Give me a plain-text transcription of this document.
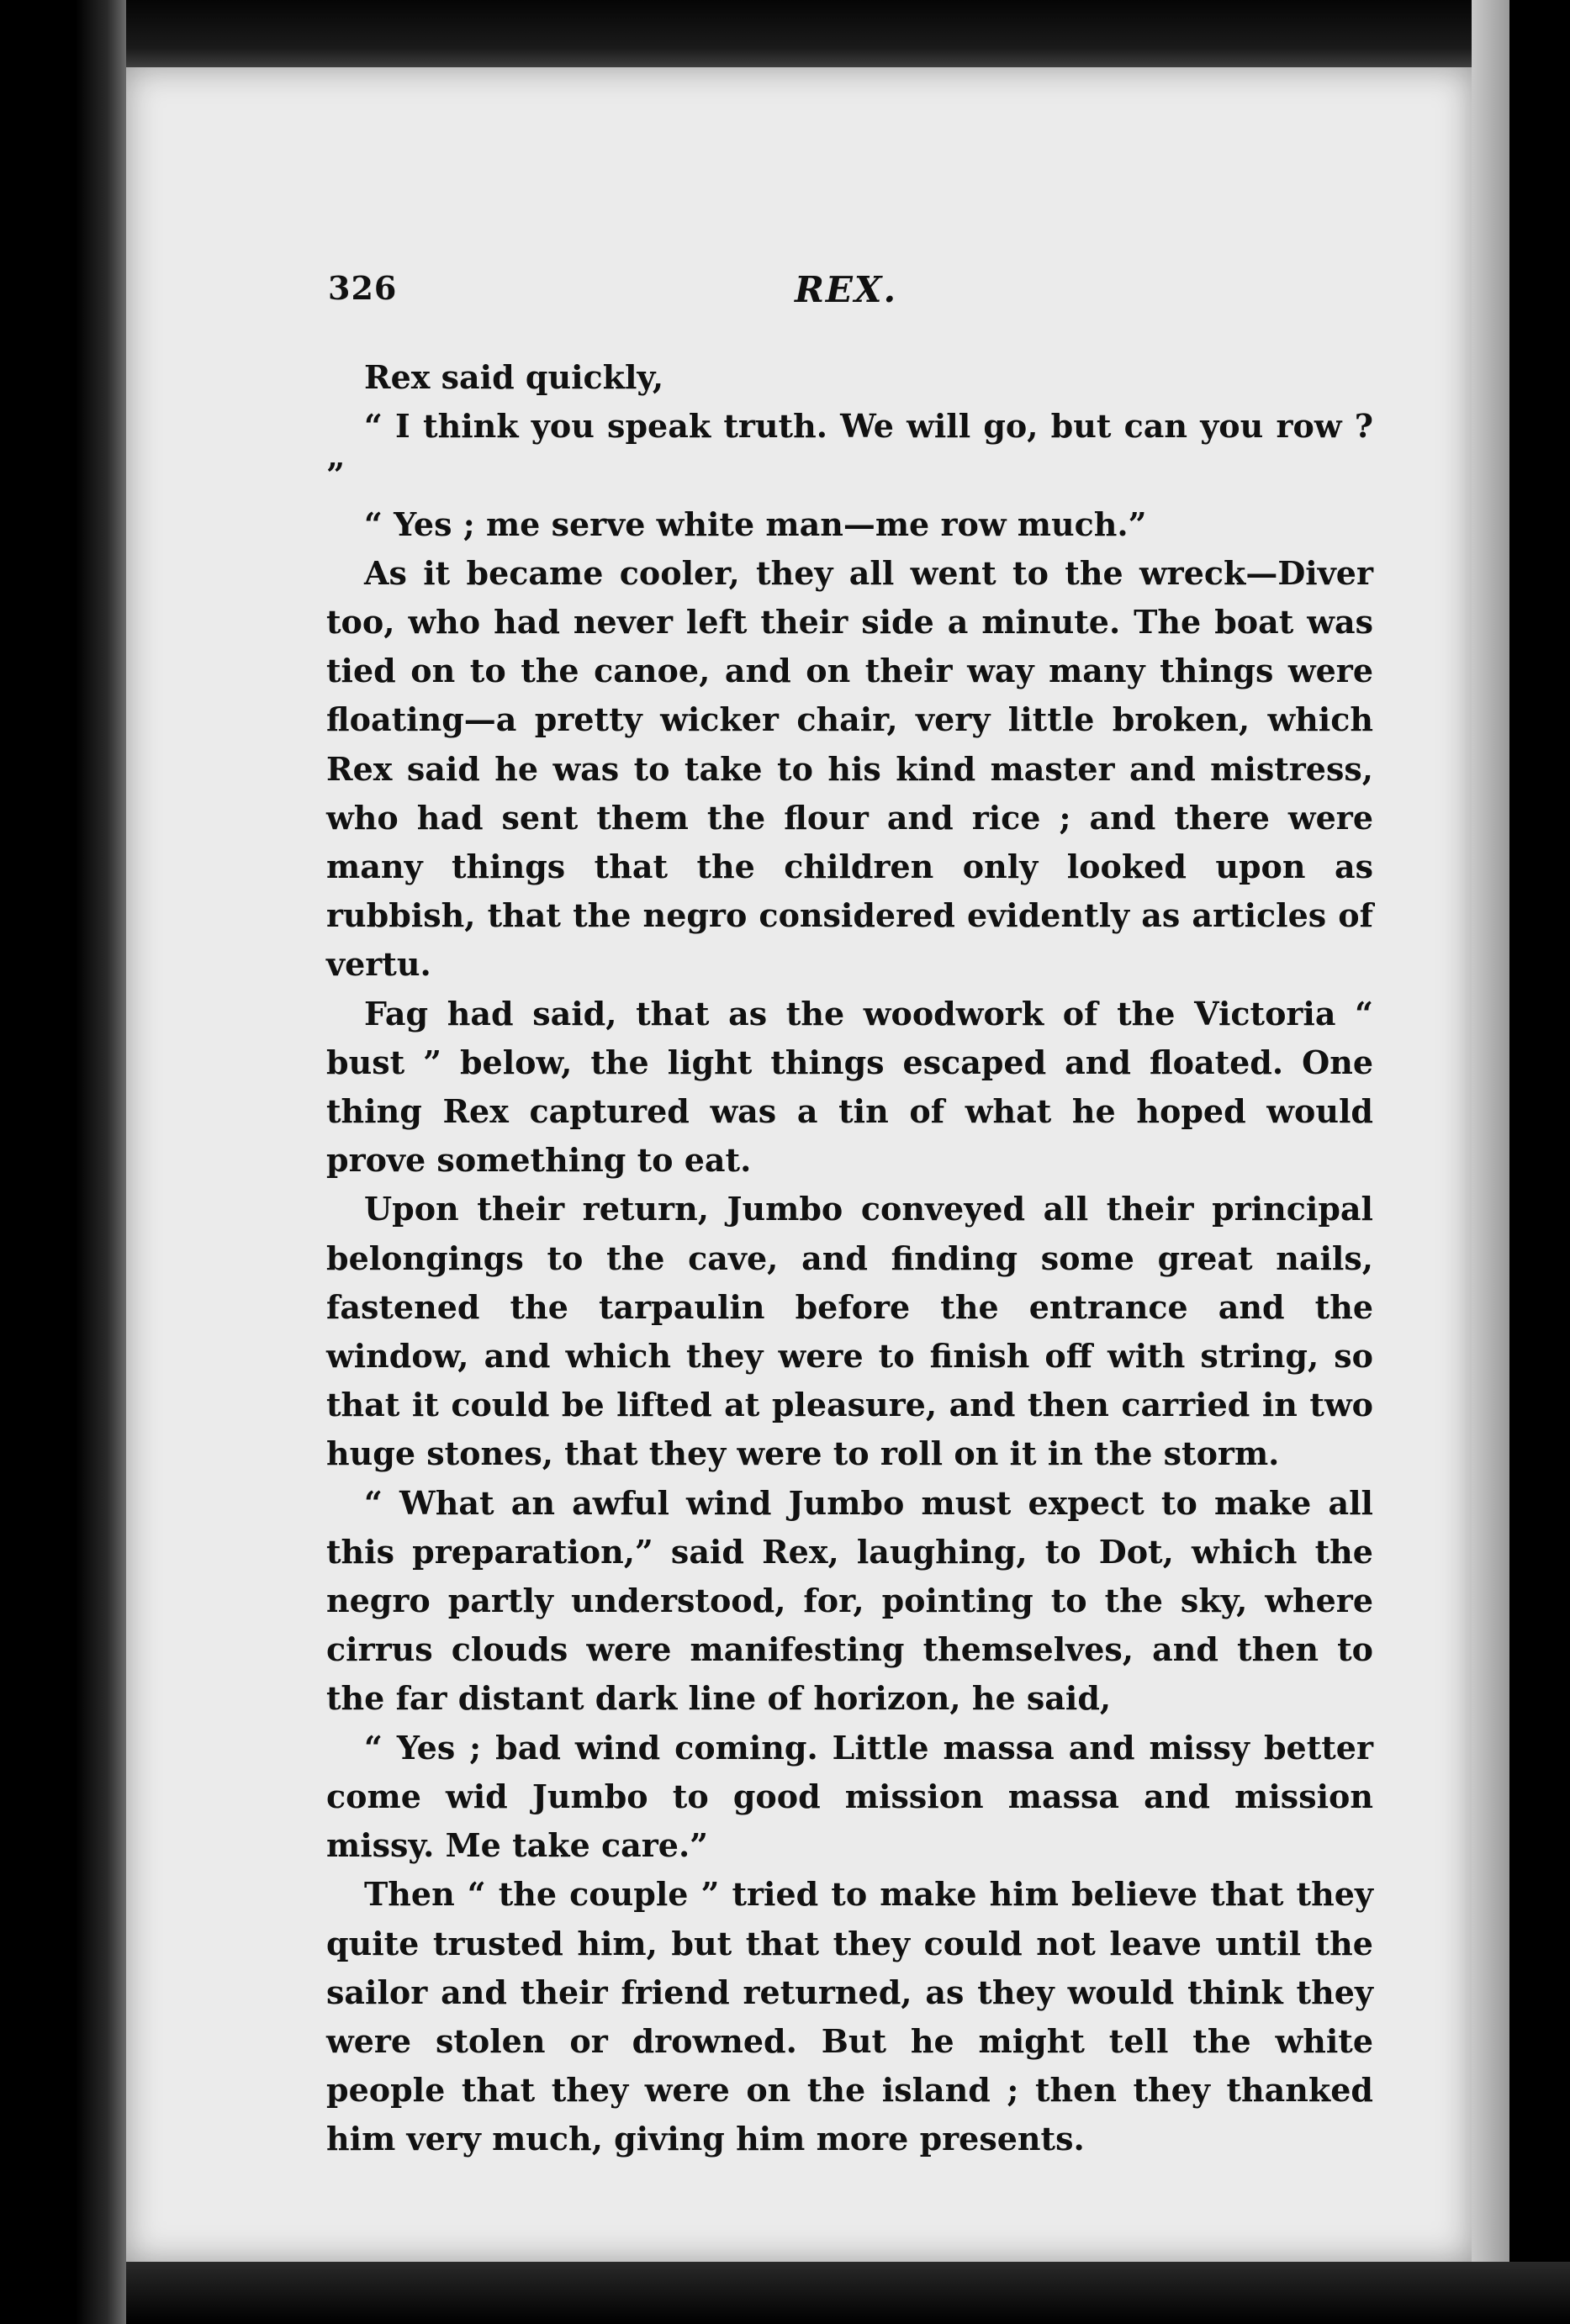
326	REX.

Rex said quickly,

“ I think you speak truth. We will go, but can you row ? ”

“ Yes ; me serve white man—me row much.”

As it became cooler, they all went to the wreck—Diver too, who had never left their side a minute. The boat was tied on to the canoe, and on their way many things were floating—a pretty wicker chair, very little broken, which Rex said he was to take to his kind master and mistress, who had sent them the flour and rice ; and there were many things that the children only looked upon as rubbish, that the negro considered evidently as articles of vertu.

Fag had said, that as the woodwork of the Victoria “ bust ” below, the light things escaped and floated. One thing Rex captured was a tin of what he hoped would prove something to eat.

Upon their return, Jumbo conveyed all their principal belongings to the cave, and finding some great nails, fastened the tarpaulin before the entrance and the window, and which they were to finish off with string, so that it could be lifted at pleasure, and then carried in two huge stones, that they were to roll on it in the storm.

“ What an awful wind Jumbo must expect to make all this preparation,” said Rex, laughing, to Dot, which the negro partly understood, for, pointing to the sky, where cirrus clouds were manifesting themselves, and then to the far distant dark line of horizon, he said,

“ Yes ; bad wind coming. Little massa and missy better come wid Jumbo to good mission massa and mission missy. Me take care.”

Then “ the couple ” tried to make him believe that they quite trusted him, but that they could not leave until the sailor and their friend returned, as they would think they were stolen or drowned. But he might tell the white people that they were on the island ; then they thanked him very much, giving him more presents.
